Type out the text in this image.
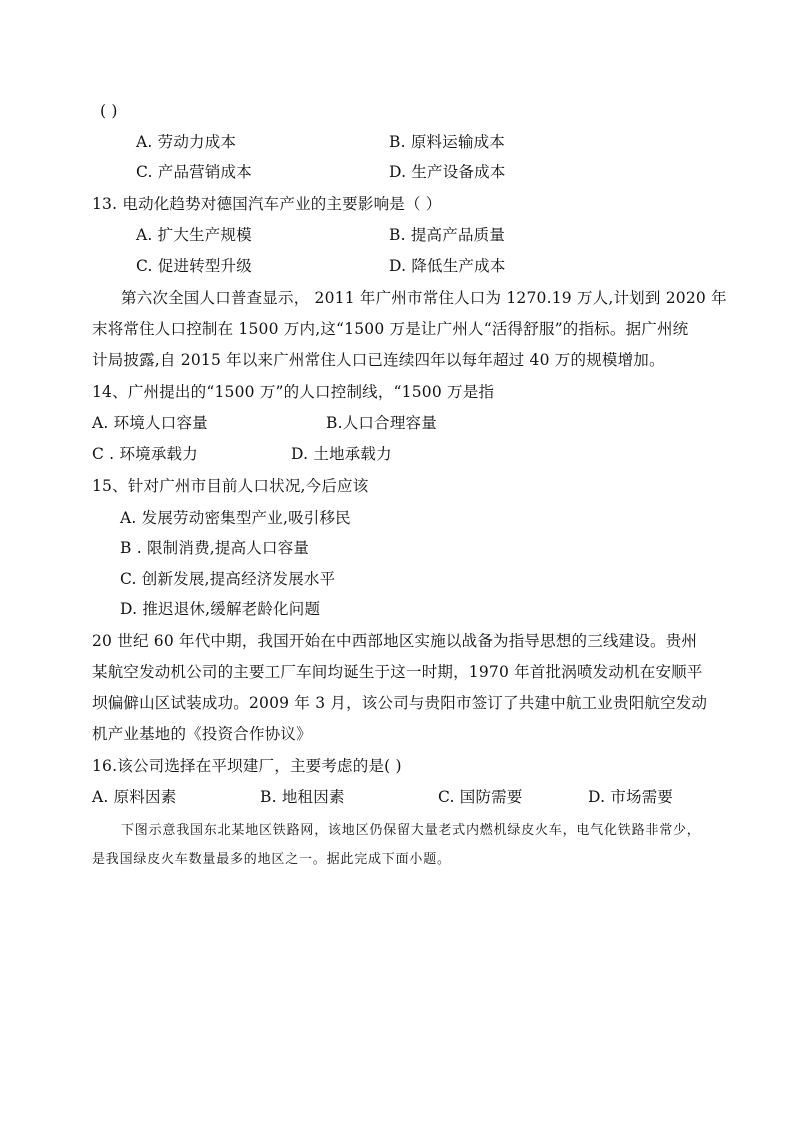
( )
A. 劳动力成本	B. 原料运输成本
C. 产品营销成本	D. 生产设备成本
13. 电动化趋势对德国汽车产业的主要影响是（ ）
A. 扩大生产规模	B. 提高产品质量
C. 促进转型升级	D. 降低生产成本
第六次全国人口普查显示， 2011 年广州市常住人口为 1270.19 万人,计划到 2020 年
末将常住人口控制在 1500 万内,这“1500 万是让广州人“活得舒服”的指标。据广州统
计局披露,自 2015 年以来广州常住人口已连续四年以每年超过 40 万的规模增加。
14、广州提出的“1500 万”的人口控制线，“1500 万是指
A. 环境人口容量	B.人口合理容量
C . 环境承载力	D. 土地承载力
15、针对广州市目前人口状况,今后应该
A. 发展劳动密集型产业,吸引移民
B . 限制消费,提高人口容量
C. 创新发展,提高经济发展水平
D. 推迟退休,缓解老龄化问题
20 世纪 60 年代中期，我国开始在中西部地区实施以战备为指导思想的三线建设。贵州
某航空发动机公司的主要工厂车间均诞生于这一时期，1970 年首批涡喷发动机在安顺平
坝偏僻山区试装成功。2009 年 3 月，该公司与贵阳市签订了共建中航工业贵阳航空发动
机产业基地的《投资合作协议》
16.该公司选择在平坝建厂，主要考虑的是( )
A. 原料因素	B. 地租因素	C. 国防需要	D. 市场需要
下图示意我国东北某地区铁路网，该地区仍保留大量老式内燃机绿皮火车，电气化铁路非常少，
是我国绿皮火车数量最多的地区之一。据此完成下面小题。
